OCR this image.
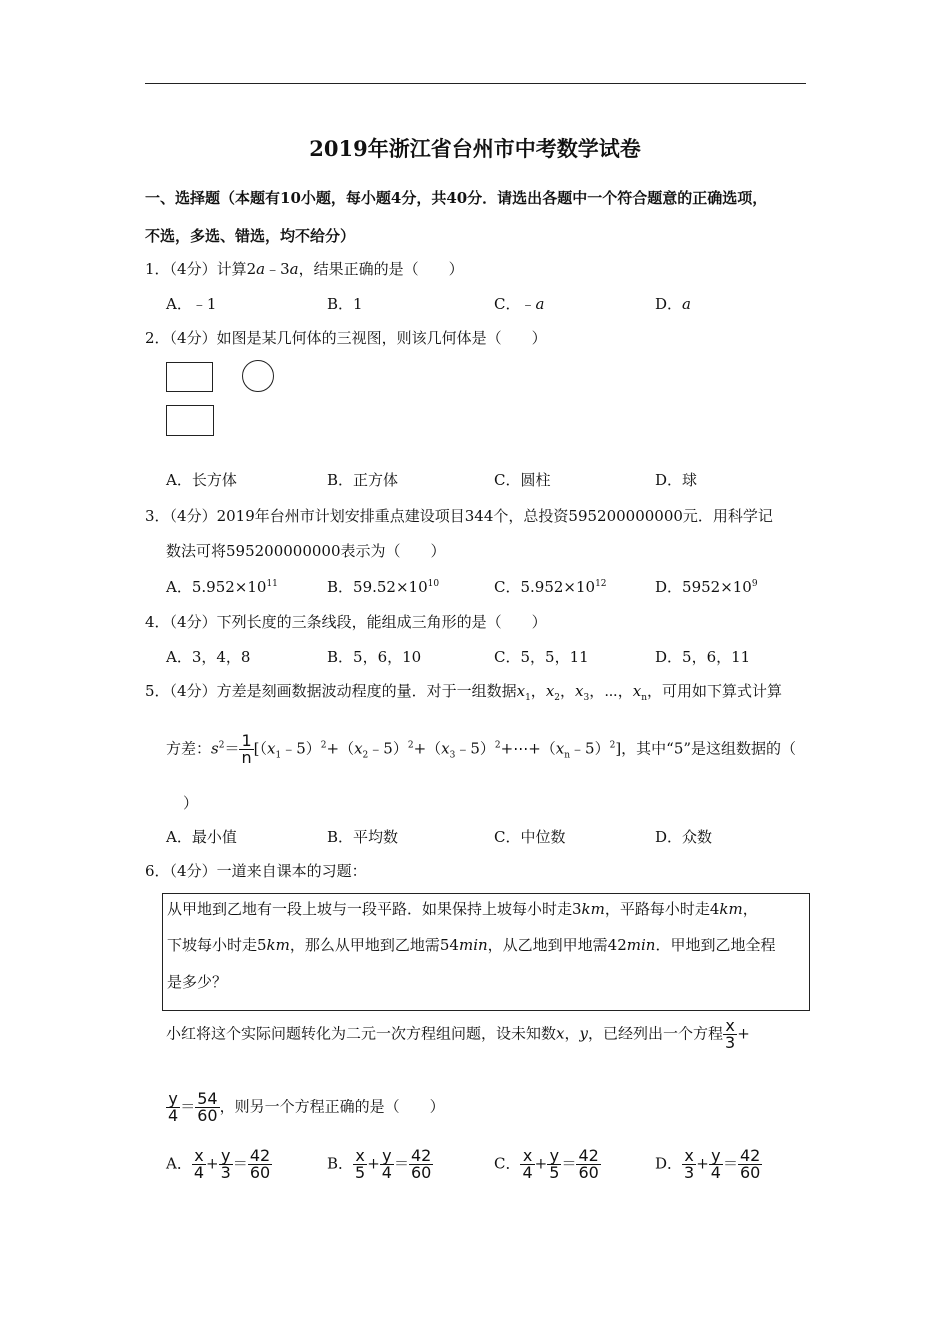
2019年浙江省台州市中考数学试卷
一、选择题（本题有10小题，每小题4分，共40分．请选出各题中一个符合题意的正确选项，
不选，多选、错选，均不给分）
1．（4分）计算2a﹣3a，结果正确的是（　　）
A．﹣1	B．1	C．﹣a	D．a
2．（4分）如图是某几何体的三视图，则该几何体是（　　）
A．长方体	B．正方体	C．圆柱	D．球
3．（4分）2019年台州市计划安排重点建设项目344个，总投资595200000000元．用科学记
数法可将595200000000表示为（　　）
A．$5.952\times 10^{11}$	B．$59.52\times 10^{10}$	C．$5.952\times 10^{12}$	D．$5952\times 10^9$
4．（4分）下列长度的三条线段，能组成三角形的是（　　）
A．3，4，8	B．5，6，10	C．5，5，11	D．5，6，11
5．（4分）方差是刻画数据波动程度的量．对于一组数据$x_1$，$x_2$，$x_3$，⋯，$x_n$，可用如下算式计算
方差：$s^2= \frac{1}{n}$ $[(x_1﹣5)^2+(x_2﹣5)^2+(x_3﹣5)^2+\cdots+(x_n﹣5)^2]$，其中“5”是这组数据的（
）
A．最小值	B．平均数	C．中位数	D．众数
6．（4分）一道来自课本的习题：
从甲地到乙地有一段上坡与一段平路．如果保持上坡每小时走3km，平路每小时走4km，
下坡每小时走5km，那么从甲地到乙地需54min，从乙地到甲地需42min．甲地到乙地全程
是多少？
小红将这个实际问题转化为二元一次方程组问题，设未知数x，y，已经列出一个方程 $\frac{x}{3}$ +
$\frac{y}{4} = \frac{54}{60}$ ，则另一个方程正确的是（　　）
A． $\frac{x}{4} + \frac{y}{3} = \frac{42}{60}$	B． $\frac{x}{5} + \frac{y}{4} = \frac{42}{60}$	C． $\frac{x}{4} + \frac{y}{5} = \frac{42}{60}$	D． $\frac{x}{3} + \frac{y}{4} = \frac{42}{60}$
